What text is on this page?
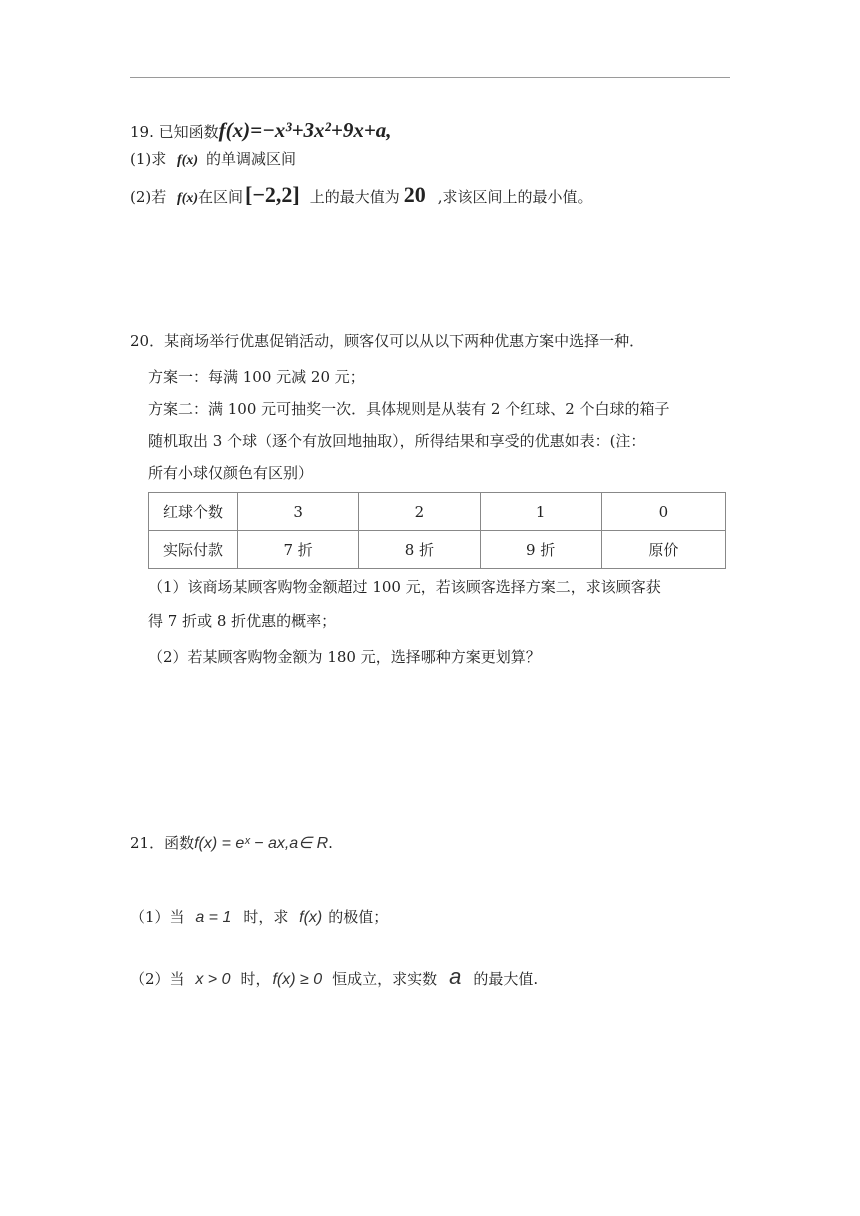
19. 已知函数f(x)=−x³+3x²+9x+a,
(1)求 f(x) 的单调减区间
(2)若 f(x)在区间[−2,2] 上的最大值为 20 ,求该区间上的最小值。
20．某商场举行优惠促销活动，顾客仅可以从以下两种优惠方案中选择一种．
方案一：每满 100 元减 20 元；
方案二：满 100 元可抽奖一次．具体规则是从装有 2 个红球、2 个白球的箱子
随机取出 3 个球（逐个有放回地抽取），所得结果和享受的优惠如表：(注：
所有小球仅颜色有区别）
红球个数	3	2	1	0
实际付款	7 折	8 折	9 折	原价
（1）该商场某顾客购物金额超过 100 元，若该顾客选择方案二，求该顾客获
得 7 折或 8 折优惠的概率；
（2）若某顾客购物金额为 180 元，选择哪种方案更划算？
21．函数f(x) = eˣ − ax,a∈ R.
（1）当 a = 1 时，求 f(x) 的极值；
（2）当 x > 0 时， f(x) ≥ 0 恒成立，求实数 a 的最大值.
